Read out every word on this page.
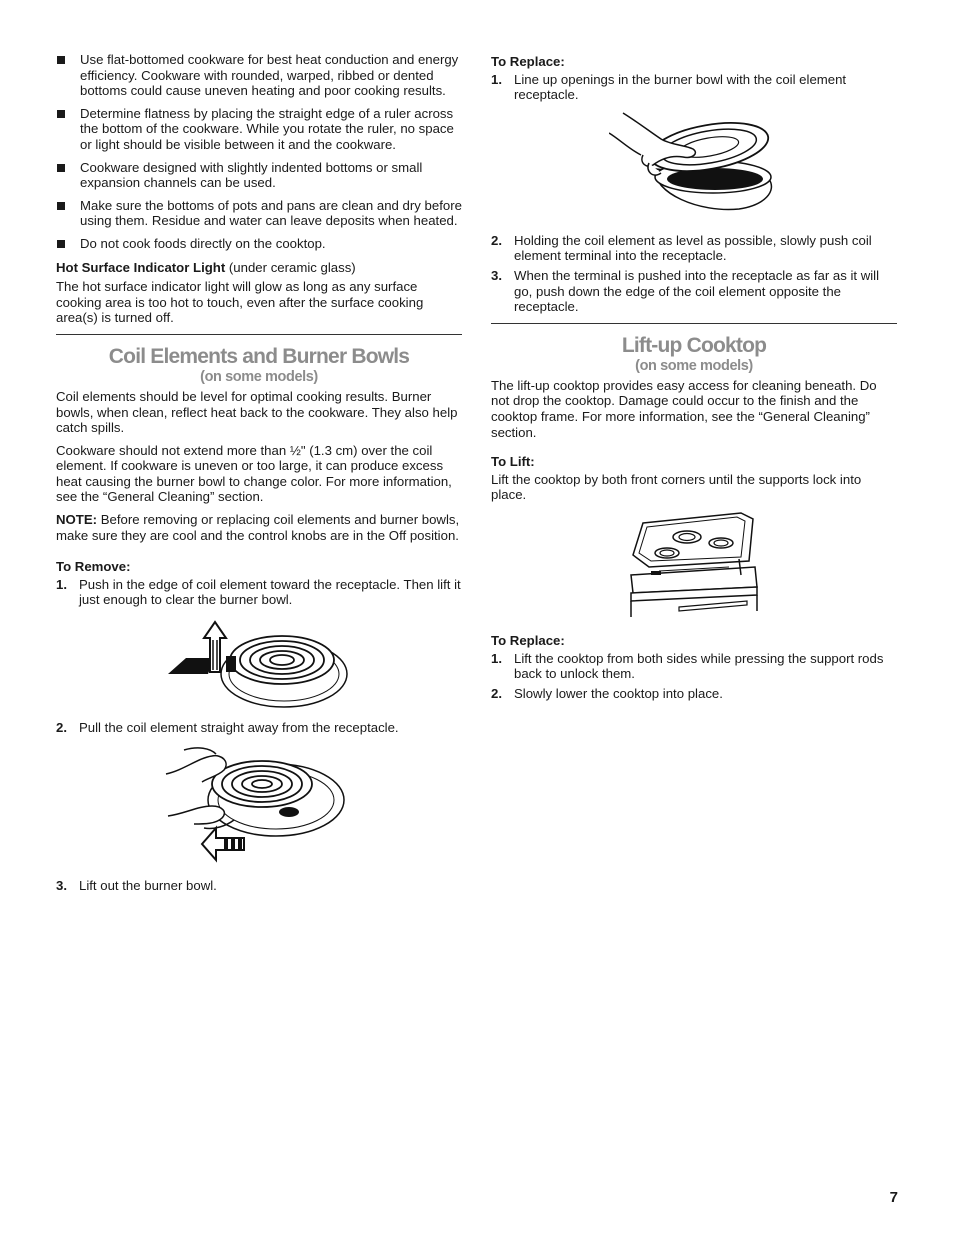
Use flat-bottomed cookware for best heat conduction and energy efficiency. Cookware with rounded, warped, ribbed or dented bottoms could cause uneven heating and poor cooking results.
Determine flatness by placing the straight edge of a ruler across the bottom of the cookware. While you rotate the ruler, no space or light should be visible between it and the cookware.
Cookware designed with slightly indented bottoms or small expansion channels can be used.
Make sure the bottoms of pots and pans are clean and dry before using them. Residue and water can leave deposits when heated.
Do not cook foods directly on the cooktop.

Hot Surface Indicator Light (under ceramic glass)

The hot surface indicator light will glow as long as any surface cooking area is too hot to touch, even after the surface cooking area(s) is turned off.

Coil Elements and Burner Bowls
(on some models)

Coil elements should be level for optimal cooking results. Burner bowls, when clean, reflect heat back to the cookware. They also help catch spills.

Cookware should not extend more than ½" (1.3 cm) over the coil element. If cookware is uneven or too large, it can produce excess heat causing the burner bowl to change color. For more information, see the “General Cleaning” section.

NOTE: Before removing or replacing coil elements and burner bowls, make sure they are cool and the control knobs are in the Off position.

To Remove:
1. Push in the edge of coil element toward the receptacle. Then lift it just enough to clear the burner bowl.
2. Pull the coil element straight away from the receptacle.
3. Lift out the burner bowl.
To Replace:
1. Line up openings in the burner bowl with the coil element receptacle.
2. Holding the coil element as level as possible, slowly push coil element terminal into the receptacle.
3. When the terminal is pushed into the receptacle as far as it will go, push down the edge of the coil element opposite the receptacle.
Lift-up Cooktop
(on some models)

The lift-up cooktop provides easy access for cleaning beneath. Do not drop the cooktop. Damage could occur to the finish and the cooktop frame. For more information, see the “General Cleaning” section.

To Lift:

Lift the cooktop by both front corners until the supports lock into place.

To Replace:
1. Lift the cooktop from both sides while pressing the support rods back to unlock them.
2. Slowly lower the cooktop into place.
7
